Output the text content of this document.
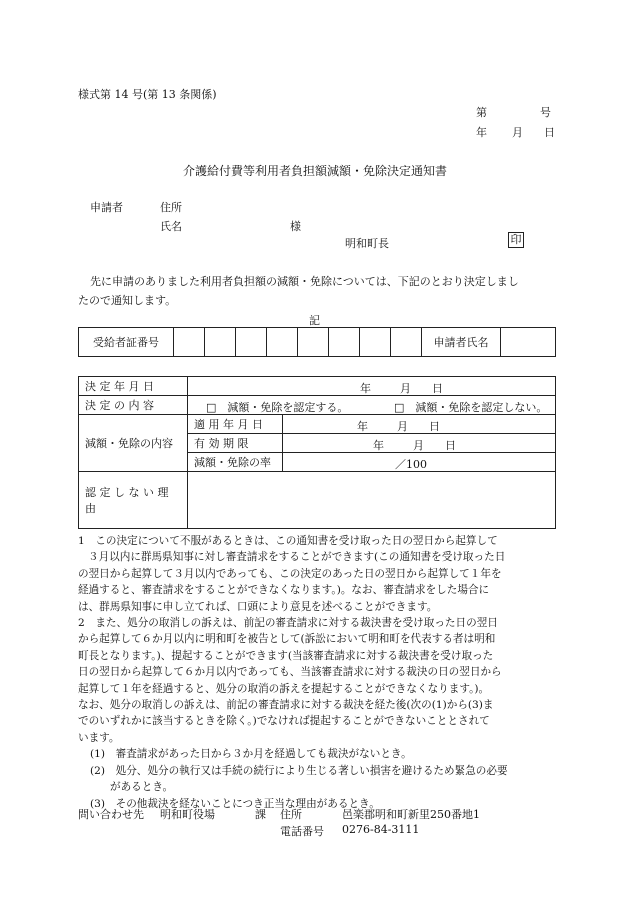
様式第 14 号(第 13 条関係)
第	号
年 月 日
介護給付費等利用者負担額減額・免除決定通知書
申請者	住所
氏名	様
明和町長	印
先に申請のありました利用者負担額の減額・免除については、下記のとおり決定しまし
たので通知します。
記
受給者証番号									申請者氏名	
決 定 年 月 日	年 月 日	

決 定 の 内 容	□　減額・免除を認定する。 □　減額・免除を認定しない。	

減額・免除の内容	適 用 年 月 日	年 月 日

	有 効 期 限	年 月 日

	減額・免除の率	／100

認 定 し な い 理 由		

1　この決定について不服があるときは、この通知書を受け取った日の翌日から起算して

３月以内に群馬県知事に対し審査請求をすることができます(この通知書を受け取った日

の翌日から起算して３月以内であっても、この決定のあった日の翌日から起算して１年を

経過すると、審査請求をすることができなくなります。)。なお、審査請求をした場合に

は、群馬県知事に申し立てれば、口頭により意見を述べることができます。

2　また、処分の取消しの訴えは、前記の審査請求に対する裁決書を受け取った日の翌日

から起算して６か月以内に明和町を被告として(訴訟において明和町を代表する者は明和

町長となります。)、提起することができます(当該審査請求に対する裁決書を受け取った

日の翌日から起算して６か月以内であっても、当該審査請求に対する裁決の日の翌日から

起算して１年を経過すると、処分の取消の訴えを提起することができなくなります。)。

なお、処分の取消しの訴えは、前記の審査請求に対する裁決を経た後(次の(1)から(3)ま

でのいずれかに該当するときを除く。)でなければ提起することができないこととされて

います。

(1)　審査請求があった日から３か月を経過しても裁決がないとき。

(2)　処分、処分の執行又は手続の続行により生じる著しい損害を避けるため緊急の必要

があるとき。

(3)　その他裁決を経ないことにつき正当な理由があるとき。

問い合わせ先 明和町役場	課 住所	邑楽郡明和町新里250番地1
電話番号 0276-84-3111
